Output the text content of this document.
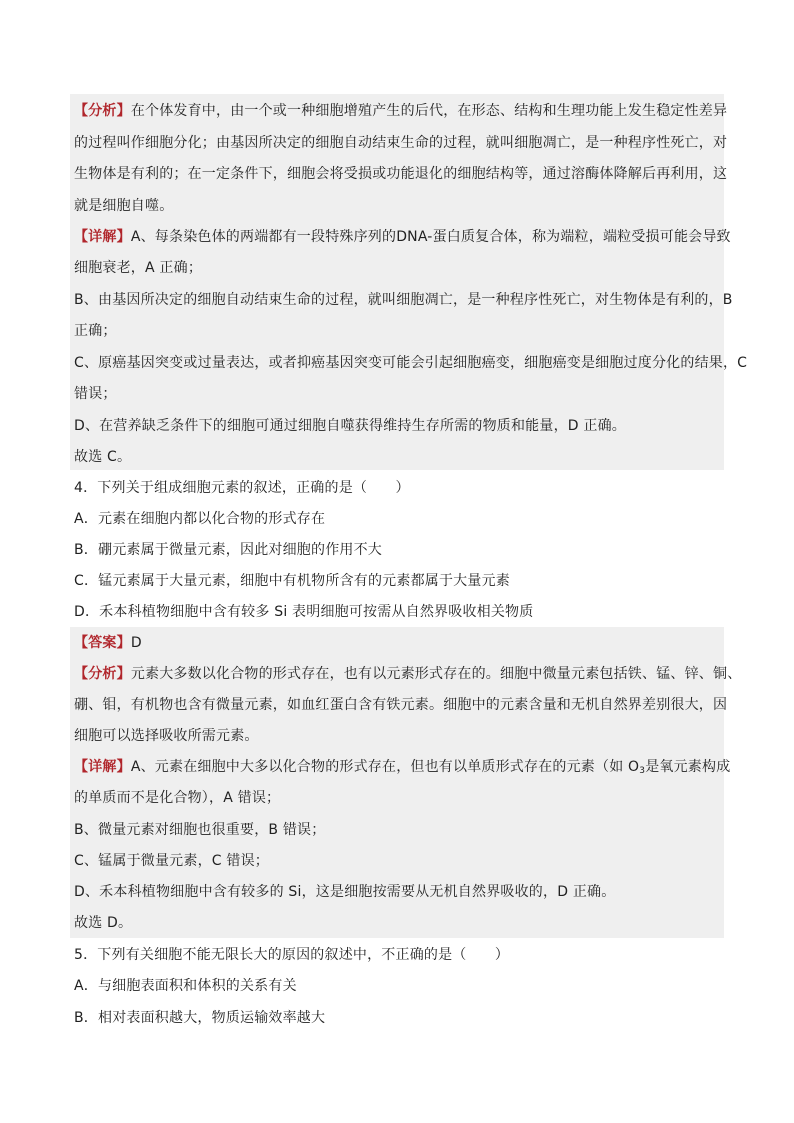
【分析】在个体发育中，由一个或一种细胞增殖产生的后代，在形态、结构和生理功能上发生稳定性差异
的过程叫作细胞分化；由基因所决定的细胞自动结束生命的过程，就叫细胞凋亡，是一种程序性死亡，对
生物体是有利的；在一定条件下，细胞会将受损或功能退化的细胞结构等，通过溶酶体降解后再利用，这
就是细胞自噬。
【详解】A、每条染色体的两端都有一段特殊序列的DNA-蛋白质复合体，称为端粒，端粒受损可能会导致
细胞衰老，A 正确；
B、由基因所决定的细胞自动结束生命的过程，就叫细胞凋亡，是一种程序性死亡，对生物体是有利的，B
正确；
C、原癌基因突变或过量表达，或者抑癌基因突变可能会引起细胞癌变，细胞癌变是细胞过度分化的结果，C
错误；
D、在营养缺乏条件下的细胞可通过细胞自噬获得维持生存所需的物质和能量，D 正确。
故选 C。
4．下列关于组成细胞元素的叙述，正确的是（　　）
A．元素在细胞内都以化合物的形式存在
B．硼元素属于微量元素，因此对细胞的作用不大
C．锰元素属于大量元素，细胞中有机物所含有的元素都属于大量元素
D．禾本科植物细胞中含有较多 Si 表明细胞可按需从自然界吸收相关物质
【答案】D
【分析】元素大多数以化合物的形式存在，也有以元素形式存在的。细胞中微量元素包括铁、锰、锌、铜、
硼、钼，有机物也含有微量元素，如血红蛋白含有铁元素。细胞中的元素含量和无机自然界差别很大，因
细胞可以选择吸收所需元素。
【详解】A、元素在细胞中大多以化合物的形式存在，但也有以单质形式存在的元素（如 $O_3$是氧元素构成
的单质而不是化合物），A 错误；
B、微量元素对细胞也很重要，B 错误；
C、锰属于微量元素，C 错误；
D、禾本科植物细胞中含有较多的 Si，这是细胞按需要从无机自然界吸收的，D 正确。
故选 D。
5．下列有关细胞不能无限长大的原因的叙述中，不正确的是（　　）
A．与细胞表面积和体积的关系有关
B．相对表面积越大，物质运输效率越大
